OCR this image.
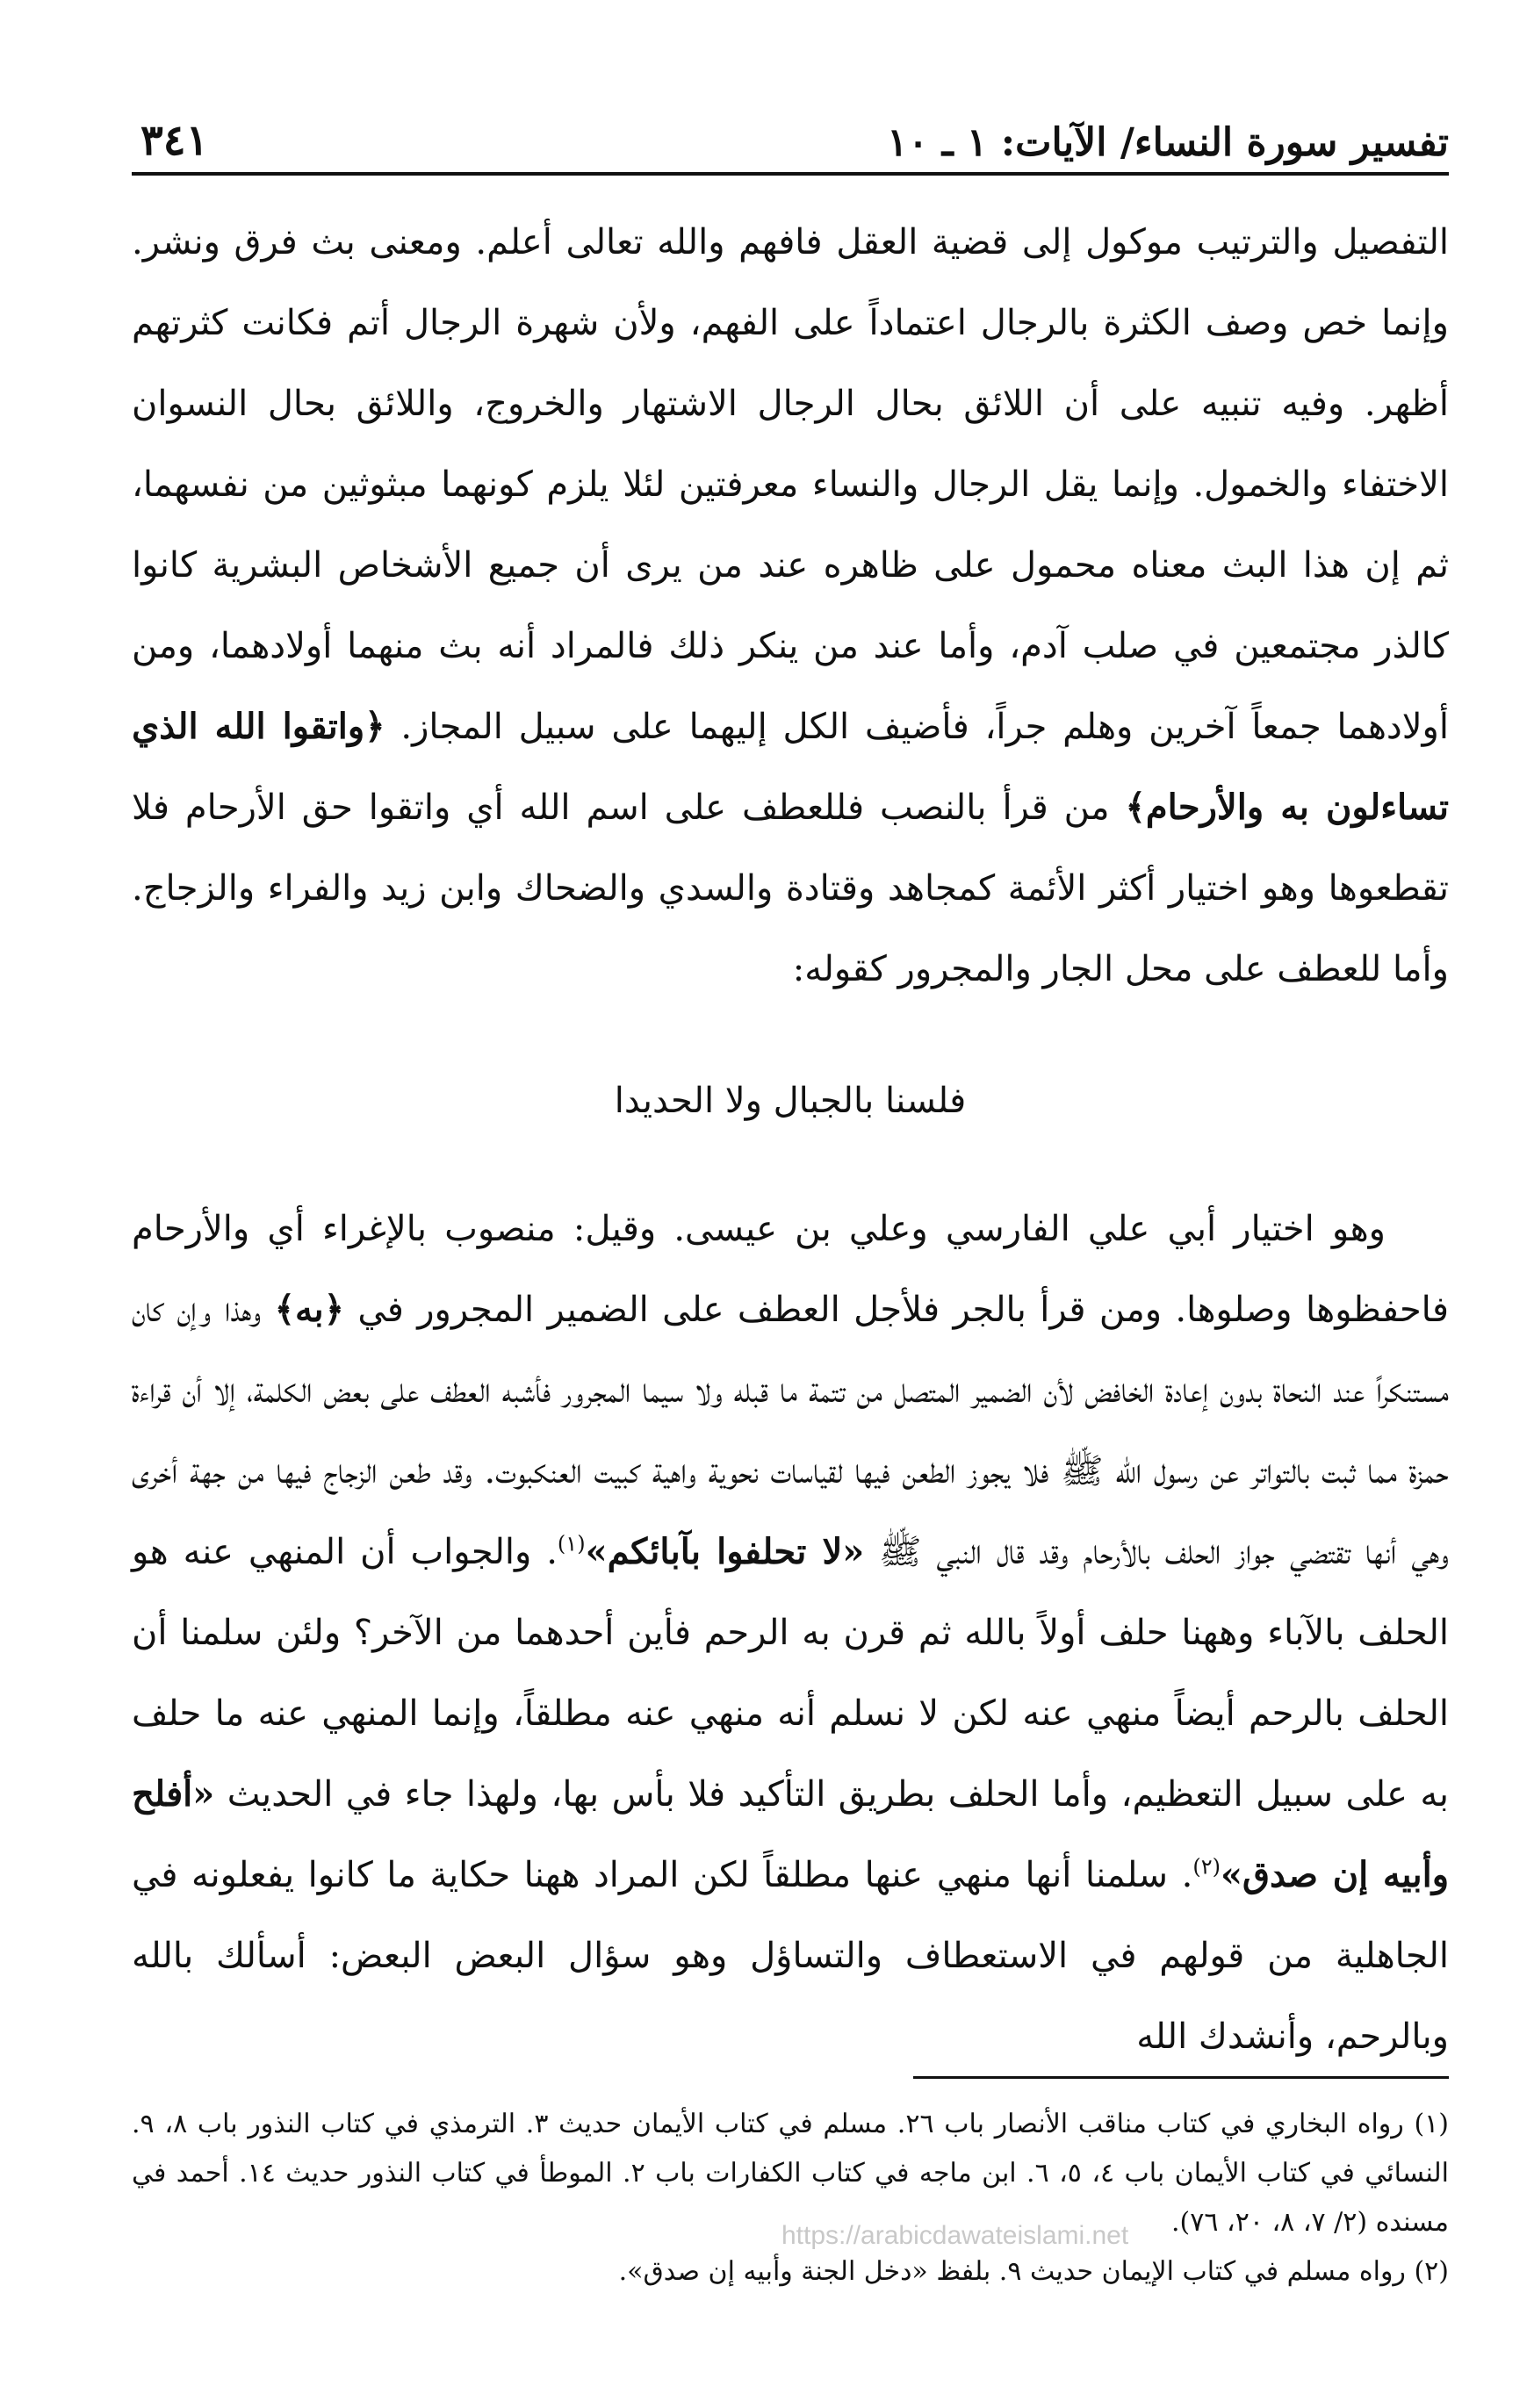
تفسير سورة النساء/ الآيات: ١ ـ ١٠
٣٤١

التفصيل والترتيب موكول إلى قضية العقل فافهم والله تعالى أعلم. ومعنى بث فرق ونشر. وإنما خص وصف الكثرة بالرجال اعتماداً على الفهم، ولأن شهرة الرجال أتم فكانت كثرتهم أظهر. وفيه تنبيه على أن اللائق بحال الرجال الاشتهار والخروج، واللائق بحال النسوان الاختفاء والخمول. وإنما يقل الرجال والنساء معرفتين لئلا يلزم كونهما مبثوثين من نفسهما، ثم إن هذا البث معناه محمول على ظاهره عند من يرى أن جميع الأشخاص البشرية كانوا كالذر مجتمعين في صلب آدم، وأما عند من ينكر ذلك فالمراد أنه بث منهما أولادهما، ومن أولادهما جمعاً آخرين وهلم جراً، فأضيف الكل إليهما على سبيل المجاز. ﴿واتقوا الله الذي تساءلون به والأرحام﴾ من قرأ بالنصب فللعطف على اسم الله أي واتقوا حق الأرحام فلا تقطعوها وهو اختيار أكثر الأئمة كمجاهد وقتادة والسدي والضحاك وابن زيد والفراء والزجاج. وأما للعطف على محل الجار والمجرور كقوله:

فلسنا بالجبال ولا الحديدا

وهو اختيار أبي علي الفارسي وعلي بن عيسى. وقيل: منصوب بالإغراء أي والأرحام فاحفظوها وصلوها. ومن قرأ بالجر فلأجل العطف على الضمير المجرور في ﴿به﴾ وهذا وإن كان مستنكراً عند النحاة بدون إعادة الخافض لأن الضمير المتصل من تتمة ما قبله ولا سيما المجرور فأشبه العطف على بعض الكلمة، إلا أن قراءة حمزة مما ثبت بالتواتر عن رسول الله ﷺ فلا يجوز الطعن فيها لقياسات نحوية واهية كبيت العنكبوت. وقد طعن الزجاج فيها من جهة أخرى وهي أنها تقتضي جواز الحلف بالأرحام وقد قال النبي ﷺ «لا تحلفوا بآبائكم»$^{(١)}$. والجواب أن المنهي عنه هو الحلف بالآباء وههنا حلف أولاً بالله ثم قرن به الرحم فأين أحدهما من الآخر؟ ولئن سلمنا أن الحلف بالرحم أيضاً منهي عنه لكن لا نسلم أنه منهي عنه مطلقاً، وإنما المنهي عنه ما حلف به على سبيل التعظيم، وأما الحلف بطريق التأكيد فلا بأس بها، ولهذا جاء في الحديث «أفلح وأبيه إن صدق»$^{(٢)}$. سلمنا أنها منهي عنها مطلقاً لكن المراد ههنا حكاية ما كانوا يفعلونه في الجاهلية من قولهم في الاستعطاف والتساؤل وهو سؤال البعض البعض: أسألك بالله وبالرحم، وأنشدك الله

(١) رواه البخاري في كتاب مناقب الأنصار باب ٢٦. مسلم في كتاب الأيمان حديث ٣. الترمذي في كتاب النذور باب ٨، ٩. النسائي في كتاب الأيمان باب ٤، ٥، ٦. ابن ماجه في كتاب الكفارات باب ٢. الموطأ في كتاب النذور حديث ١٤. أحمد في مسنده (٢/ ٧، ٨، ٢٠، ٧٦).

(٢) رواه مسلم في كتاب الإيمان حديث ٩. بلفظ «دخل الجنة وأبيه إن صدق».

https://arabicdawateislami.net
